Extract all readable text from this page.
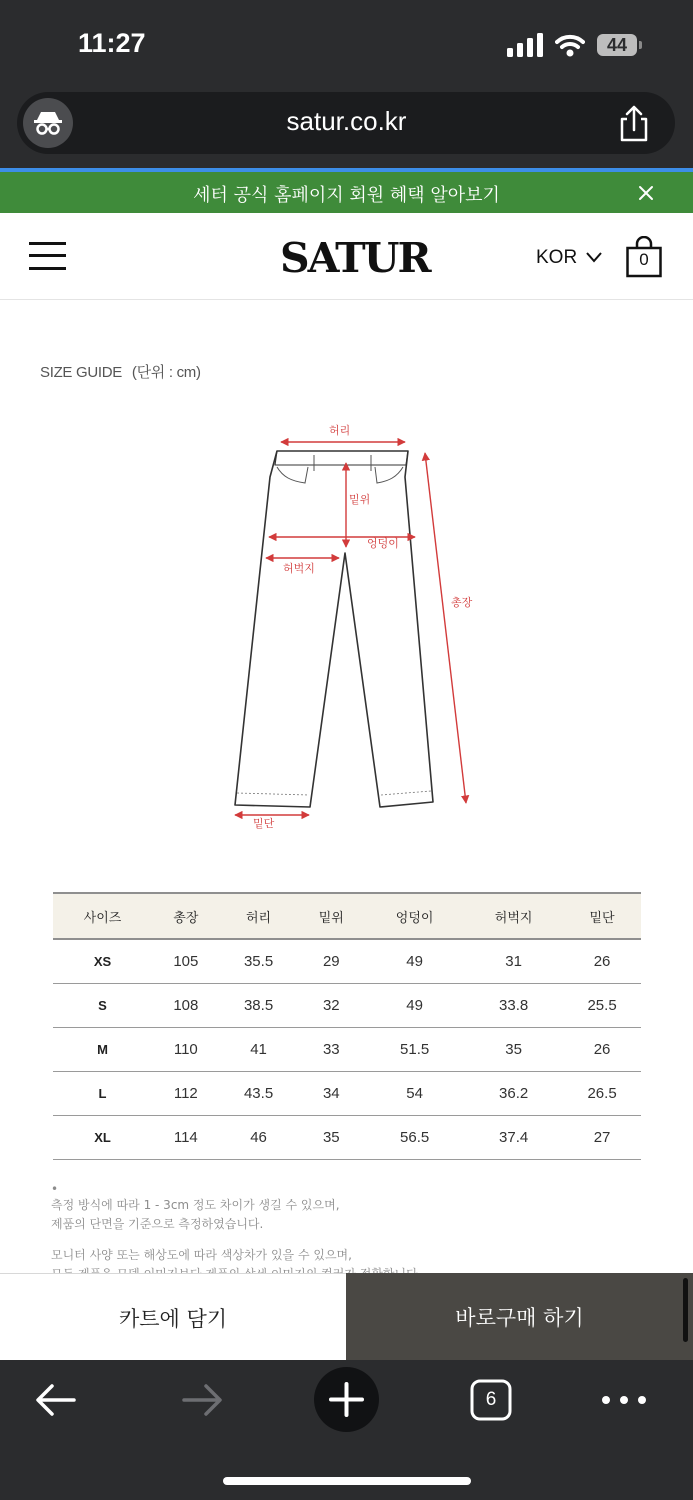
11:27	44
satur.co.kr
세터 공식 홈페이지 회원 혜택 알아보기
SATUR	KOR	0
SIZE GUIDE (단위 : cm)
허리
밑위
엉덩이
허벅지
총장
밑단
사이즈	총장	허리	밑위	엉덩이	허벅지	밑단
XS	105	35.5	29	49	31	26
S	108	38.5	32	49	33.8	25.5
M	110	41	33	51.5	35	26
L	112	43.5	34	54	36.2	26.5
XL	114	46	35	56.5	37.4	27
•
측정 방식에 따라 1 - 3cm 정도 차이가 생길 수 있으며,
제품의 단면을 기준으로 측정하였습니다.
모니터 사양 또는 해상도에 따라 색상차가 있을 수 있으며,
카트에 담기	바로구매 하기
6
